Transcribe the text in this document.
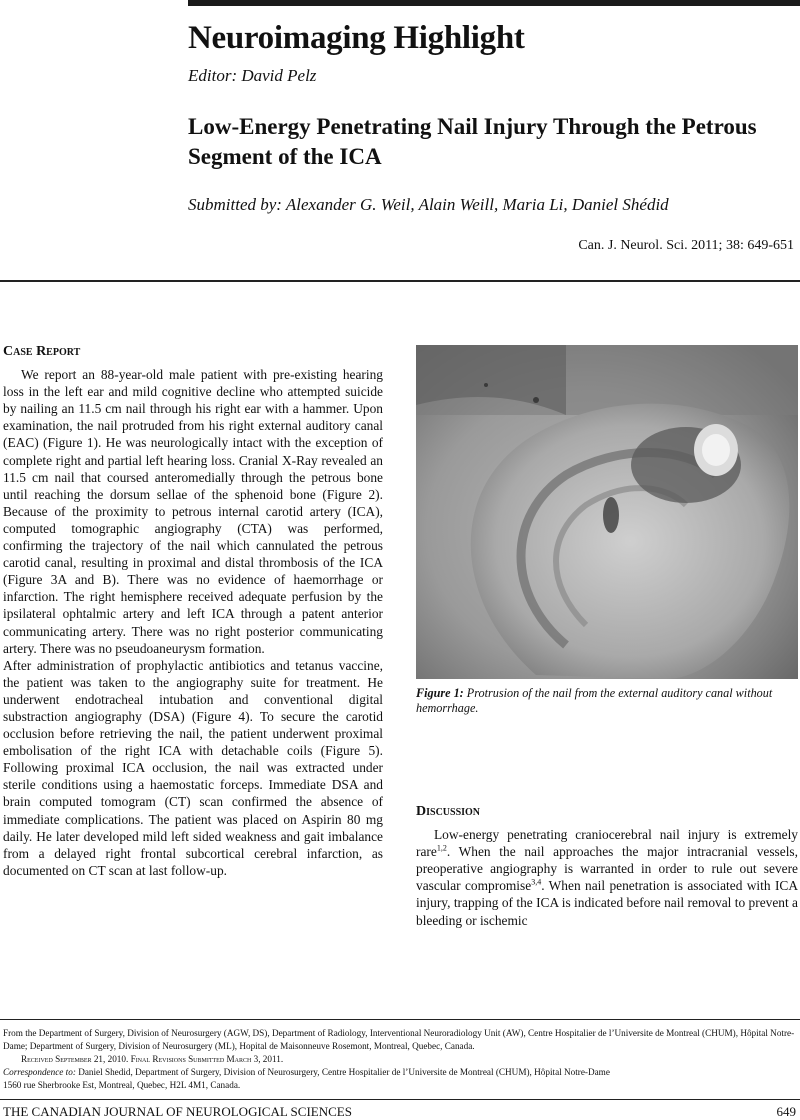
Neuroimaging Highlight
Editor: David Pelz
Low-Energy Penetrating Nail Injury Through the Petrous Segment of the ICA
Submitted by: Alexander G. Weil, Alain Weill, Maria Li, Daniel Shédid
Can. J. Neurol. Sci. 2011; 38: 649-651
Case Report

We report an 88-year-old male patient with pre-existing hearing loss in the left ear and mild cognitive decline who attempted suicide by nailing an 11.5 cm nail through his right ear with a hammer. Upon examination, the nail protruded from his right external auditory canal (EAC) (Figure 1). He was neurologically intact with the exception of complete right and partial left hearing loss. Cranial X-Ray revealed an 11.5 cm nail that coursed anteromedially through the petrous bone until reaching the dorsum sellae of the sphenoid bone (Figure 2). Because of the proximity to petrous internal carotid artery (ICA), computed tomographic angiography (CTA) was performed, confirming the trajectory of the nail which cannulated the petrous carotid canal, resulting in proximal and distal thrombosis of the ICA (Figure 3A and B). There was no evidence of haemorrhage or infarction. The right hemisphere received adequate perfusion by the ipsilateral ophtalmic artery and left ICA through a patent anterior communicating artery. There was no right posterior communicating artery. There was no pseudoaneurysm formation.

After administration of prophylactic antibiotics and tetanus vaccine, the patient was taken to the angiography suite for treatment. He underwent endotracheal intubation and conventional digital substraction angiography (DSA) (Figure 4). To secure the carotid occlusion before retrieving the nail, the patient underwent proximal embolisation of the right ICA with detachable coils (Figure 5). Following proximal ICA occlusion, the nail was extracted under sterile conditions using a haemostatic forceps. Immediate DSA and brain computed tomogram (CT) scan confirmed the absence of immediate complications. The patient was placed on Aspirin 80 mg daily. He later developed mild left sided weakness and gait imbalance from a delayed right frontal subcortical cerebral infarction, as documented on CT scan at last follow-up.

Figure 1: Protrusion of the nail from the external auditory canal without hemorrhage.
Discussion

Low-energy penetrating craniocerebral nail injury is extremely rare$^{1,2}$. When the nail approaches the major intracranial vessels, preoperative angiography is warranted in order to rule out severe vascular compromise$^{3,4}$. When nail penetration is associated with ICA injury, trapping of the ICA is indicated before nail removal to prevent a bleeding or ischemic

From the Department of Surgery, Division of Neurosurgery (AGW, DS), Department of Radiology, Interventional Neuroradiology Unit (AW), Centre Hospitalier de l’Universite de Montreal (CHUM), Hôpital Notre-Dame; Department of Surgery, Division of Neurosurgery (ML), Hopital de Maisonneuve Rosemont, Montreal, Quebec, Canada.

Received September 21, 2010. Final Revisions Submitted March 3, 2011.

Correspondence to: Daniel Shedid, Department of Surgery, Division of Neurosurgery, Centre Hospitalier de l’Universite de Montreal (CHUM), Hôpital Notre-Dame

1560 rue Sherbrooke Est, Montreal, Quebec, H2L 4M1, Canada.

THE CANADIAN JOURNAL OF NEUROLOGICAL SCIENCES	649
